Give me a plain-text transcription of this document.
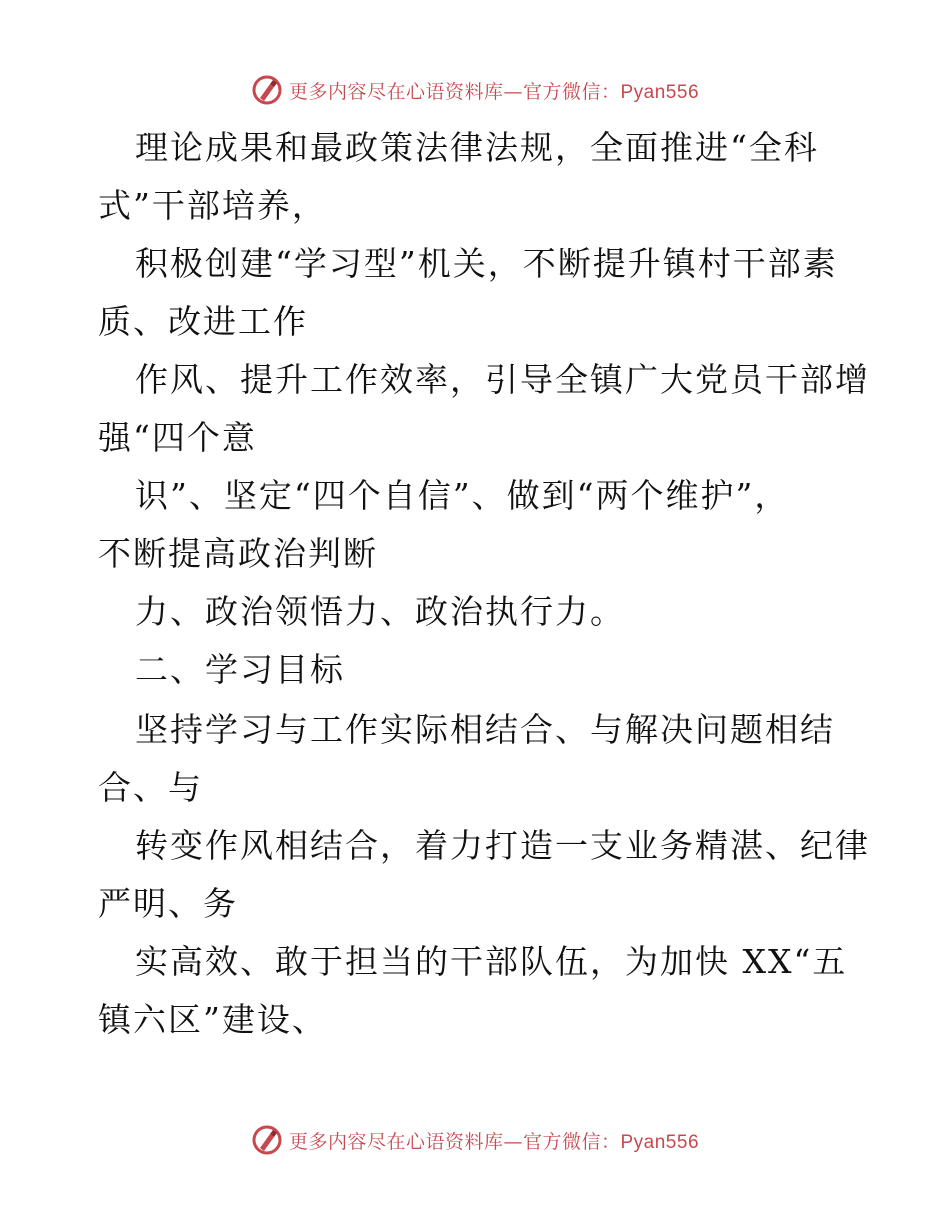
更多内容尽在心语资料库—官方微信：Pyan556
理论成果和最政策法律法规，全面推进“全科
式”干部培养，
积极创建“学习型”机关，不断提升镇村干部素
质、改进工作
作风、提升工作效率，引导全镇广大党员干部增
强“四个意
识”、坚定“四个自信”、做到“两个维护”，
不断提高政治判断
力、政治领悟力、政治执行力。
二、学习目标
坚持学习与工作实际相结合、与解决问题相结
合、与
转变作风相结合，着力打造一支业务精湛、纪律
严明、务
实高效、敢于担当的干部队伍，为加快 XX“五
镇六区”建设、
更多内容尽在心语资料库—官方微信：Pyan556
